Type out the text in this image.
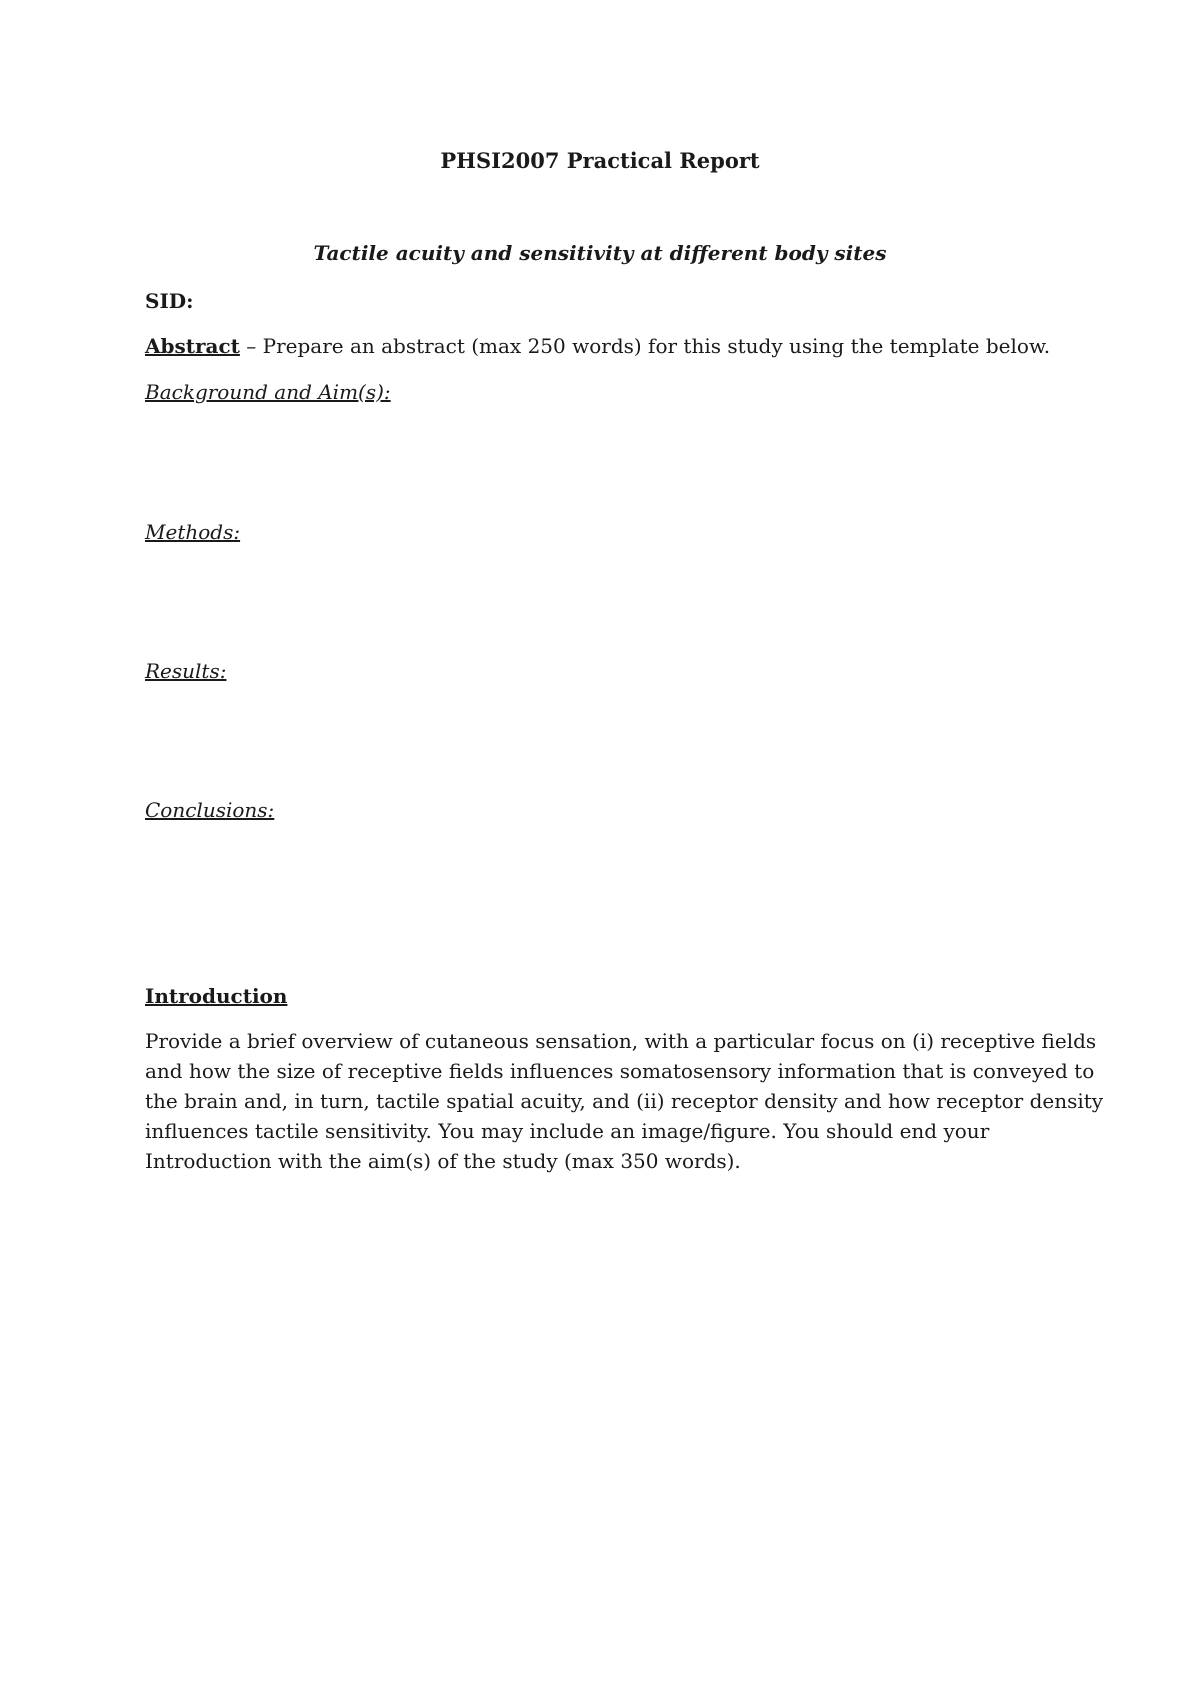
PHSI2007 Practical Report
Tactile acuity and sensitivity at different body sites
SID:
Abstract – Prepare an abstract (max 250 words) for this study using the template below.
Background and Aim(s):
Methods:
Results:
Conclusions:
Introduction
Provide a brief overview of cutaneous sensation, with a particular focus on (i) receptive fields
and how the size of receptive fields influences somatosensory information that is conveyed to
the brain and, in turn, tactile spatial acuity, and (ii) receptor density and how receptor density
influences tactile sensitivity. You may include an image/figure. You should end your
Introduction with the aim(s) of the study (max 350 words).
